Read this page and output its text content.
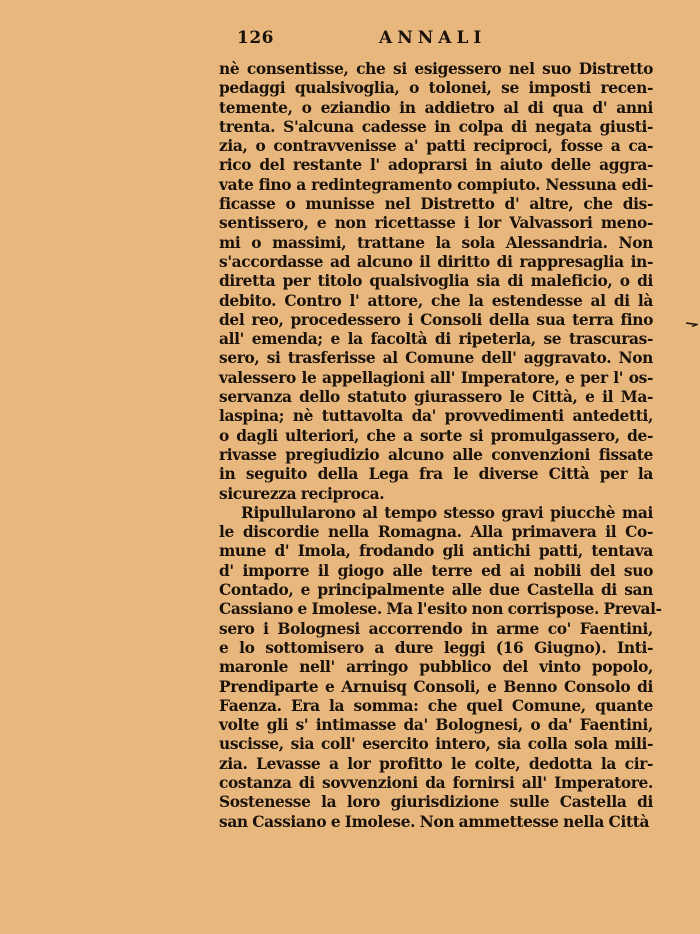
126	ANNALI
nè consentisse, che si esigessero nel suo Distretto
pedaggi qualsivoglia, o tolonei, se imposti recen-
temente, o eziandio in addietro al di qua d' anni
trenta. S'alcuna cadesse in colpa di negata giusti-
zia, o contravvenisse a' patti reciproci, fosse a ca-
rico del restante l' adoprarsi in aiuto delle aggra-
vate fino a redintegramento compiuto. Nessuna edi-
ficasse o munisse nel Distretto d' altre, che dis-
sentissero, e non ricettasse i lor Valvassori meno-
mi o massimi, trattane la sola Alessandria. Non
s'accordasse ad alcuno il diritto di rappresaglia in-
diretta per titolo qualsivoglia sia di maleficio, o di
debito. Contro l' attore, che la estendesse al di là
del reo, procedessero i Consoli della sua terra fino
all' emenda; e la facoltà di ripeterla, se trascuras-
sero, si trasferisse al Comune dell' aggravato. Non
valessero le appellagioni all' Imperatore, e per l' os-
servanza dello statuto giurassero le Città, e il Ma-
laspina; nè tuttavolta da' provvedimenti antedetti,
o dagli ulteriori, che a sorte si promulgassero, de-
rivasse pregiudizio alcuno alle convenzioni fissate
in seguito della Lega fra le diverse Città per la
sicurezza reciproca.
Ripullularono al tempo stesso gravi piucchè mai
le discordie nella Romagna. Alla primavera il Co-
mune d' Imola, frodando gli antichi patti, tentava
d' imporre il giogo alle terre ed ai nobili del suo
Contado, e principalmente alle due Castella di san
Cassiano e Imolese. Ma l'esito non corrispose. Preval-
sero i Bolognesi accorrendo in arme co' Faentini,
e lo sottomisero a dure leggi (16 Giugno). Inti-
maronle nell' arringo pubblico del vinto popolo,
Prendiparte e Arnuisq Consoli, e Benno Consolo di
Faenza. Era la somma: che quel Comune, quante
volte gli s' intimasse da' Bolognesi, o da' Faentini,
uscisse, sia coll' esercito intero, sia colla sola mili-
zia. Levasse a lor profitto le colte, dedotta la cir-
costanza di sovvenzioni da fornirsi all' Imperatore.
Sostenesse la loro giurisdizione sulle Castella di
san Cassiano e Imolese. Non ammettesse nella Città
